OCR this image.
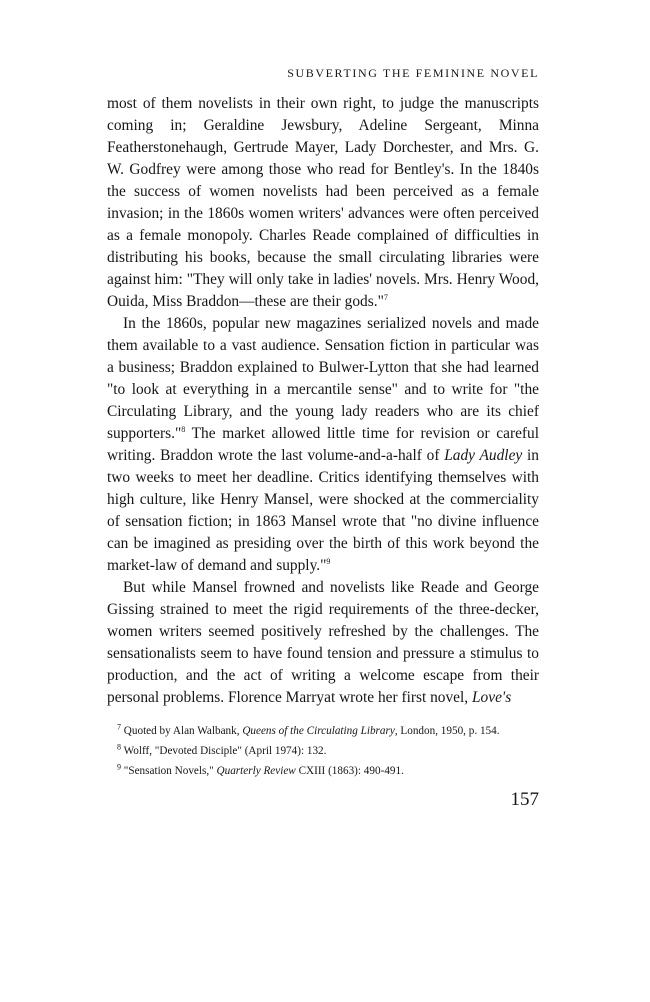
SUBVERTING THE FEMININE NOVEL

most of them novelists in their own right, to judge the manuscripts coming in; Geraldine Jewsbury, Adeline Sergeant, Minna Featherstonehaugh, Gertrude Mayer, Lady Dorchester, and Mrs. G. W. Godfrey were among those who read for Bentley's. In the 1840s the success of women novelists had been perceived as a female invasion; in the 1860s women writers' advances were often perceived as a female monopoly. Charles Reade complained of difficulties in distributing his books, because the small circulating libraries were against him: "They will only take in ladies' novels. Mrs. Henry Wood, Ouida, Miss Braddon—these are their gods."$^7$

In the 1860s, popular new magazines serialized novels and made them available to a vast audience. Sensation fiction in particular was a business; Braddon explained to Bulwer-Lytton that she had learned "to look at everything in a mercantile sense" and to write for "the Circulating Library, and the young lady readers who are its chief supporters."$^8$ The market allowed little time for revision or careful writing. Braddon wrote the last volume-and-a-half of Lady Audley in two weeks to meet her deadline. Critics identifying themselves with high culture, like Henry Mansel, were shocked at the commerciality of sensation fiction; in 1863 Mansel wrote that "no divine influence can be imagined as presiding over the birth of this work beyond the market-law of demand and supply."$^9$

But while Mansel frowned and novelists like Reade and George Gissing strained to meet the rigid requirements of the three-decker, women writers seemed positively refreshed by the challenges. The sensationalists seem to have found tension and pressure a stimulus to production, and the act of writing a welcome escape from their personal problems. Florence Marryat wrote her first novel, Love's

$^7$ Quoted by Alan Walbank, Queens of the Circulating Library, London, 1950, p. 154.

$^8$ Wolff, "Devoted Disciple" (April 1974): 132.

$^9$ "Sensation Novels," Quarterly Review CXIII (1863): 490-491.

157
